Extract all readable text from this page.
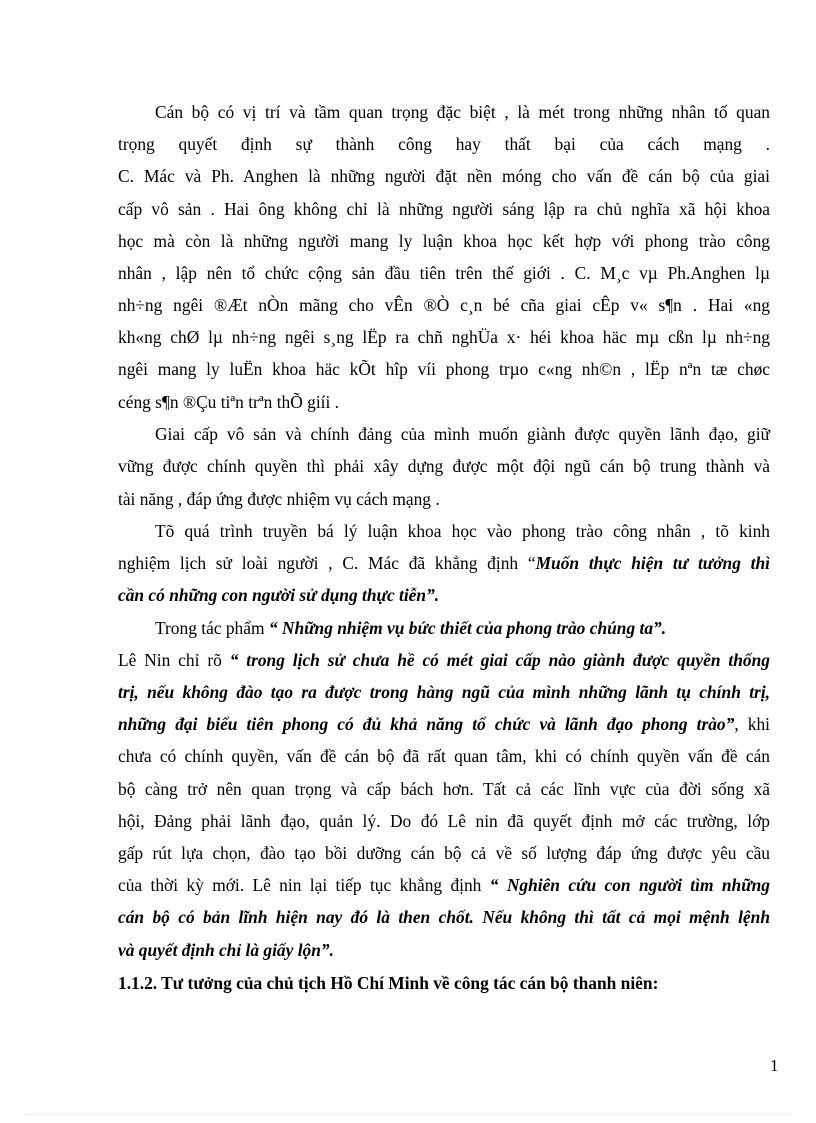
Cán bộ có vị trí và tầm quan trọng đặc biệt , là mét trong những nhân tố quan
trọng quyết định sự thành công hay thất bại của cách mạng .
C. Mác và Ph. Anghen là những người đặt nền móng cho vấn đề cán bộ của giai
cấp vô sản . Hai ông không chỉ là những người sáng lập ra chủ nghĩa xã hội khoa
học mà còn là những người mang ly luận khoa học kết hợp với phong trào công
nhân , lập nên tổ chức cộng sản đầu tiên trên thế giới . C. M¸c vµ Ph.Anghen lµ
nh÷ng ngêi ®Æt nÒn mãng cho vÊn ®Ò c¸n bé cña giai cÊp v« s¶n . Hai «ng
kh«ng chØ lµ nh÷ng ngêi s¸ng lËp ra chñ nghÜa x· héi khoa häc mµ cßn lµ nh÷ng
ngêi mang ly luËn khoa häc kÕt hîp víi phong trµo c«ng nh©n , lËp nªn tæ chøc
céng s¶n ®Çu tiªn trªn thÕ giíi .
Giai cấp vô sản và chính đảng của mình muốn giành được quyền lãnh đạo, giữ
vững được chính quyền thì phải xây dựng được một đội ngũ cán bộ trung thành và
tài năng , đáp ứng được nhiệm vụ cách mạng .
Tõ quá trình truyền bá lý luận khoa học vào phong trào công nhân , tõ kinh
nghiệm lịch sử loài người , C. Mác đã khẳng định “Muốn thực hiện tư tưởng thì
cần có những con người sử dụng thực tiễn”.
Trong tác phẩm “ Những nhiệm vụ bức thiết của phong trào chúng ta”.
Lê Nin chỉ rõ “ trong lịch sử chưa hề có mét giai cấp nào giành được quyền thống
trị, nếu không đào tạo ra được trong hàng ngũ của mình những lãnh tụ chính trị,
những đại biểu tiên phong có đủ khả năng tổ chức và lãnh đạo phong trào”, khi
chưa có chính quyền, vấn đề cán bộ đã rất quan tâm, khi có chính quyền vấn đề cán
bộ càng trở nên quan trọng và cấp bách hơn. Tất cả các lĩnh vực của đời sống xã
hội, Đảng phải lãnh đạo, quản lý. Do đó Lê nin đã quyết định mở các trường, lớp
gấp rút lựa chọn, đào tạo bồi dưỡng cán bộ cả về số lượng đáp ứng được yêu cầu
của thời kỳ mới. Lê nin lại tiếp tục khẳng định “ Nghiên cứu con người tìm những
cán bộ có bản lĩnh hiện nay đó là then chốt. Nếu không thì tất cả mọi mệnh lệnh
và quyết định chỉ là giấy lộn”.
1.1.2. Tư tưởng của chủ tịch Hồ Chí Minh về công tác cán bộ thanh niên:
1
